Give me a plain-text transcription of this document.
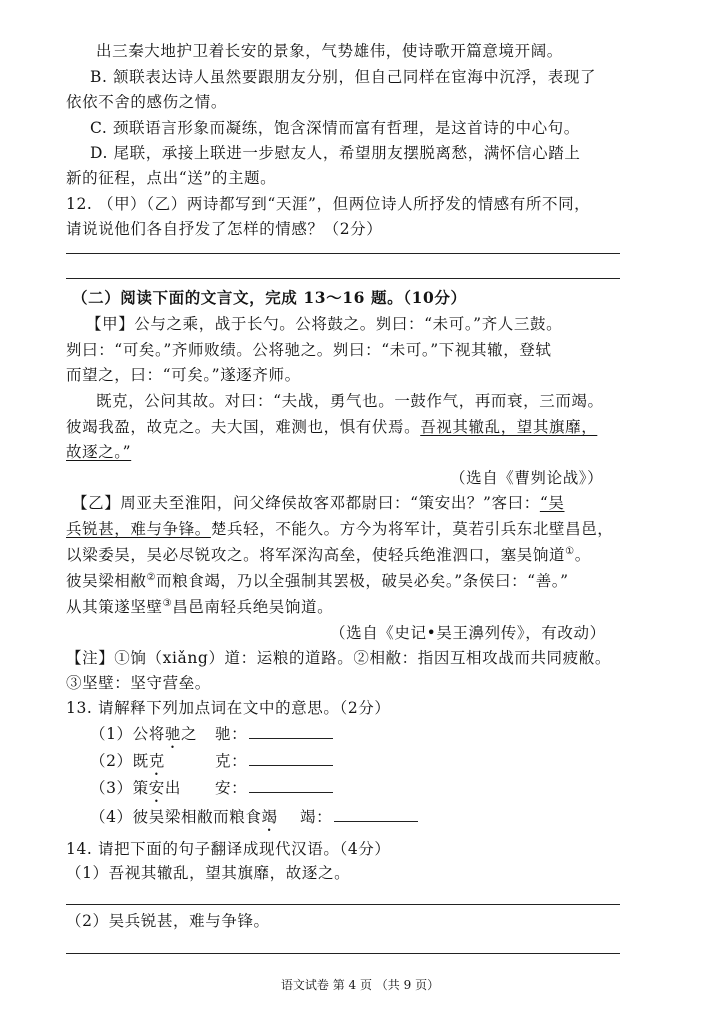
出三秦大地护卫着长安的景象，气势雄伟，使诗歌开篇意境开阔。
B. 颔联表达诗人虽然要跟朋友分别，但自己同样在宦海中沉浮，表现了
依依不舍的感伤之情。
C. 颈联语言形象而凝练，饱含深情而富有哲理，是这首诗的中心句。
D. 尾联，承接上联进一步慰友人，希望朋友摆脱离愁，满怀信心踏上
新的征程，点出“送”的主题。
12. （甲）（乙）两诗都写到“天涯”，但两位诗人所抒发的情感有所不同，
请说说他们各自抒发了怎样的情感？（2分）
（二）阅读下面的文言文，完成 13～16 题。（10分）
【甲】公与之乘，战于长勺。公将鼓之。刿曰：“未可。”齐人三鼓。
刿曰：“可矣。”齐师败绩。公将驰之。刿曰：“未可。”下视其辙，登轼
而望之，曰：“可矣。”遂逐齐师。
既克，公问其故。对曰：“夫战，勇气也。一鼓作气，再而衰，三而竭。
彼竭我盈，故克之。夫大国，难测也，惧有伏焉。吾视其辙乱，望其旗靡，
故逐之。”
（选自《曹刿论战》）
【乙】周亚夫至淮阳，问父绛侯故客邓都尉曰：“策安出？”客曰：“吴
兵锐甚，难与争锋。楚兵轻，不能久。方今为将军计，莫若引兵东北壁昌邑，
以梁委吴，吴必尽锐攻之。将军深沟高垒，使轻兵绝淮泗口，塞吴饷道①。
彼吴梁相敝②而粮食竭，乃以全强制其罢极，破吴必矣。”条侯曰：“善。”
从其策遂坚壁③昌邑南轻兵绝吴饷道。
（选自《史记•吴王濞列传》，有改动）
【注】①饷（xiǎng）道：运粮的道路。②相敝：指因互相攻战而共同疲敝。
③坚壁：坚守营垒。
13. 请解释下列加点词在文中的意思。（2分）
（1）公将驰之 驰：
（2）既克	克：
（3）策安出 安：
（4）彼吴梁相敝而粮食竭 竭：
14. 请把下面的句子翻译成现代汉语。（4分）
（1）吾视其辙乱，望其旗靡，故逐之。
（2）吴兵锐甚，难与争锋。
语文试卷 第 4 页 （共 9 页）
